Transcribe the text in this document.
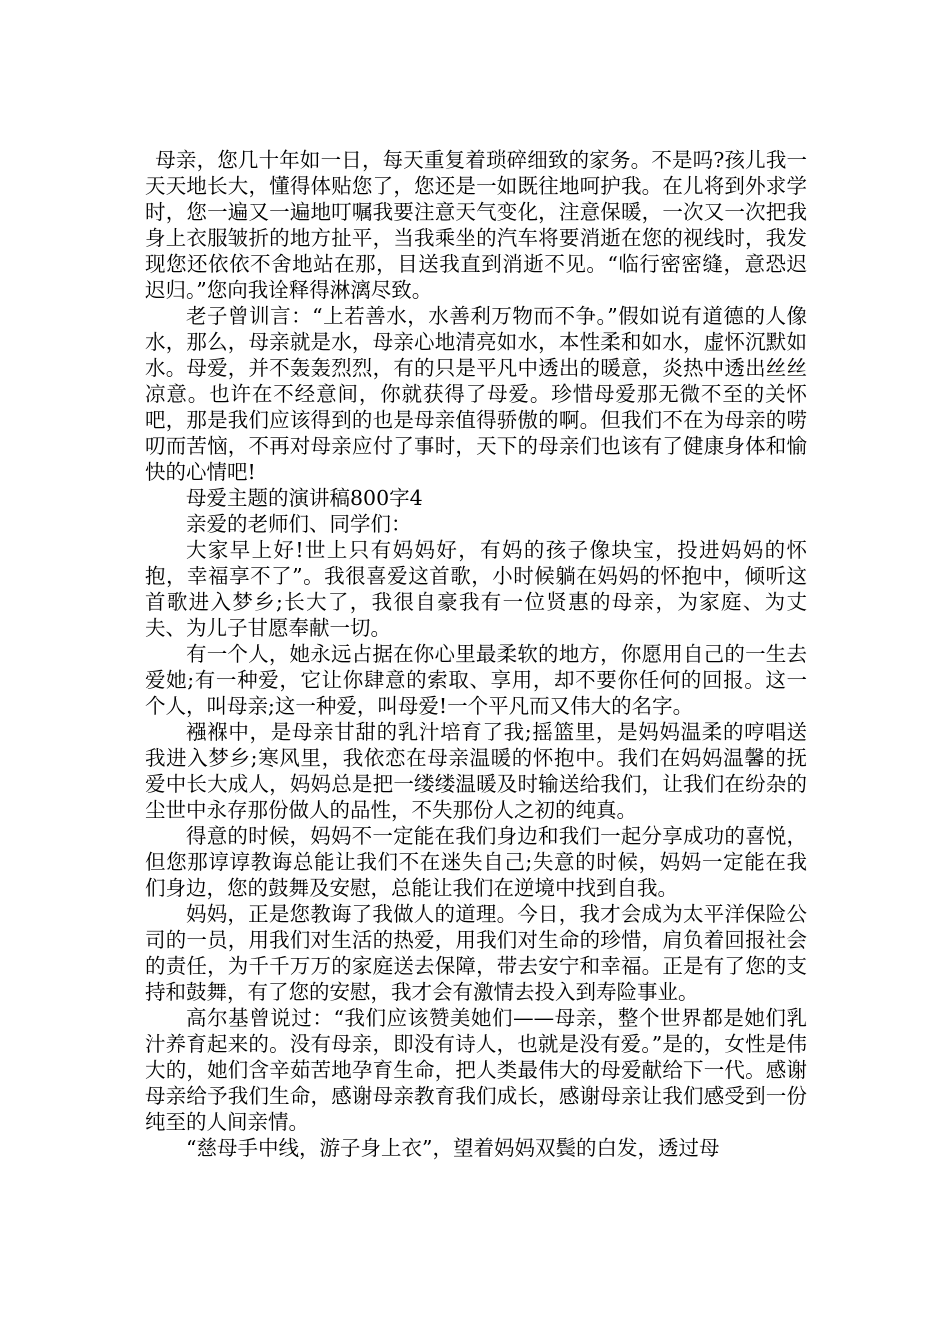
母亲，您几十年如一日，每天重复着琐碎细致的家务。不是吗?孩儿我一天天地长大，懂得体贴您了，您还是一如既往地呵护我。在儿将到外求学时，您一遍又一遍地叮嘱我要注意天气变化，注意保暖，一次又一次把我身上衣服皱折的地方扯平，当我乘坐的汽车将要消逝在您的视线时，我发现您还依依不舍地站在那，目送我直到消逝不见。“临行密密缝，意恐迟迟归。”您向我诠释得淋漓尽致。

老子曾训言：“上若善水，水善利万物而不争。”假如说有道德的人像水，那么，母亲就是水，母亲心地清亮如水，本性柔和如水，虚怀沉默如水。母爱，并不轰轰烈烈，有的只是平凡中透出的暖意，炎热中透出丝丝凉意。也许在不经意间，你就获得了母爱。珍惜母爱那无微不至的关怀吧，那是我们应该得到的也是母亲值得骄傲的啊。但我们不在为母亲的唠叨而苦恼，不再对母亲应付了事时，天下的母亲们也该有了健康身体和愉快的心情吧!

母爱主题的演讲稿800字4

亲爱的老师们、同学们：

大家早上好!世上只有妈妈好，有妈的孩子像块宝，投进妈妈的怀抱，幸福享不了”。我很喜爱这首歌，小时候躺在妈妈的怀抱中，倾听这首歌进入梦乡;长大了，我很自豪我有一位贤惠的母亲，为家庭、为丈夫、为儿子甘愿奉献一切。

有一个人，她永远占据在你心里最柔软的地方，你愿用自己的一生去爱她;有一种爱，它让你肆意的索取、享用，却不要你任何的回报。这一个人，叫母亲;这一种爱，叫母爱!一个平凡而又伟大的名字。

襁褓中，是母亲甘甜的乳汁培育了我;摇篮里，是妈妈温柔的哼唱送我进入梦乡;寒风里，我依恋在母亲温暖的怀抱中。我们在妈妈温馨的抚爱中长大成人，妈妈总是把一缕缕温暖及时输送给我们，让我们在纷杂的尘世中永存那份做人的品性，不失那份人之初的纯真。

得意的时候，妈妈不一定能在我们身边和我们一起分享成功的喜悦，但您那谆谆教诲总能让我们不在迷失自己;失意的时候，妈妈一定能在我们身边，您的鼓舞及安慰，总能让我们在逆境中找到自我。

妈妈，正是您教诲了我做人的道理。今日，我才会成为太平洋保险公司的一员，用我们对生活的热爱，用我们对生命的珍惜，肩负着回报社会的责任，为千千万万的家庭送去保障，带去安宁和幸福。正是有了您的支持和鼓舞，有了您的安慰，我才会有激情去投入到寿险事业。

高尔基曾说过：“我们应该赞美她们——母亲，整个世界都是她们乳汁养育起来的。没有母亲，即没有诗人，也就是没有爱。”是的，女性是伟大的，她们含辛茹苦地孕育生命，把人类最伟大的母爱献给下一代。感谢母亲给予我们生命，感谢母亲教育我们成长，感谢母亲让我们感受到一份纯至的人间亲情。

“慈母手中线，游子身上衣”，望着妈妈双鬓的白发，透过母
